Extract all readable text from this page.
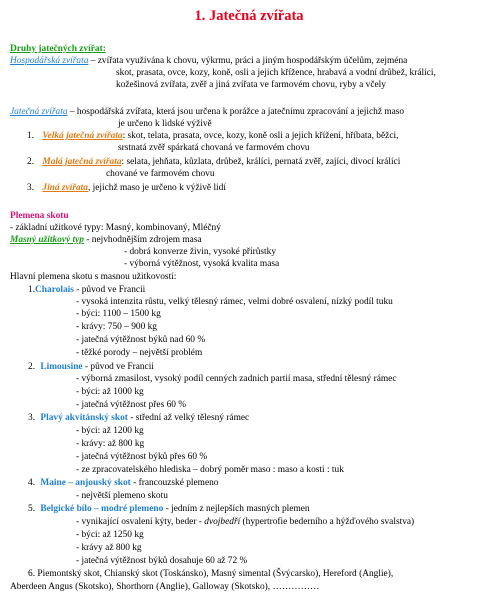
1. Jatečná zvířata
Druhy jatečných zvířat:
Hospodářská zvířata – zvířata využívána k chovu, výkrmu, práci a jiným hospodářským účelům, zejména
skot, prasata, ovce, kozy, koně, osli a jejich křížence, hrabavá a vodní drůbež, králíci,
kožešinová zvířata, zvěř a jiná zvířata ve farmovém chovu, ryby a včely
Jatečná zvířata – hospodářská zvířata, která jsou určena k porážce a jatečnímu zpracování a jejichž maso
je určeno k lidské výživě
1. Velká jatečná zvířata: skot, telata, prasata, ovce, kozy, koně osli a jejich křížení, hříbata, běžci,
srstnatá zvěř spárkatá chovaná ve farmovém chovu
2. Malá jatečná zvířata: selata, jehňata, kůzlata, drůbež, králíci, pernatá zvěř, zajíci, divocí králíci
chované ve farmovém chovu
3. Jiná zvířata, jejichž maso je určeno k výživě lidí
Plemena skotu
- základní užitkové typy: Masný, kombinovaný, Mléčný
Masný užitkový typ - nejvhodnějším zdrojem masa
- dobrá konverze živin, vysoké přírůstky
- výborná výtěžnost, vysoká kvalita masa
Hlavní plemena skotu s masnou užitkovostí:
1.Charolais - původ ve Francii
- vysoká intenzita růstu, velký tělesný rámec, velmi dobré osvalení, nízký podíl tuku
- býci: 1100 – 1500 kg
- krávy: 750 – 900 kg
- jatečná výtěžnost býků nad 60 %
- těžké porody – největší problém
2. Limousine - původ ve Francii
- výborná zmasilost, vysoký podíl cenných zadních partií masa, střední tělesný rámec
- býci: až 1000 kg
- jatečná výtěžnost přes 60 %
3. Plavý akvitánský skot - střední až velký tělesný rámec
- býci: až 1200 kg
- krávy: až 800 kg
- jatečná výtěžnost býků přes 60 %
- ze zpracovatelského hlediska – dobrý poměr maso : maso a kosti : tuk
4. Maine – anjouský skot - francouzské plemeno
- největší plemeno skotu
5. Belgické bílo – modré plemeno - jedním z nejlepších masných plemen
- vynikající osvalení kýty, beder - dvojbedří (hypertrofie bederního a hýžďového svalstva)
- býci: až 1250 kg
- krávy až 800 kg
- jatečná výtěžnost býků dosahuje 60 až 72 %
6. Piemontský skot, Chianský skot (Toskánsko), Masný simental (Švýcarsko), Hereford (Anglie),
Aberdeen Angus (Skotsko), Shorthorn (Anglie), Galloway (Skotsko), ……………
